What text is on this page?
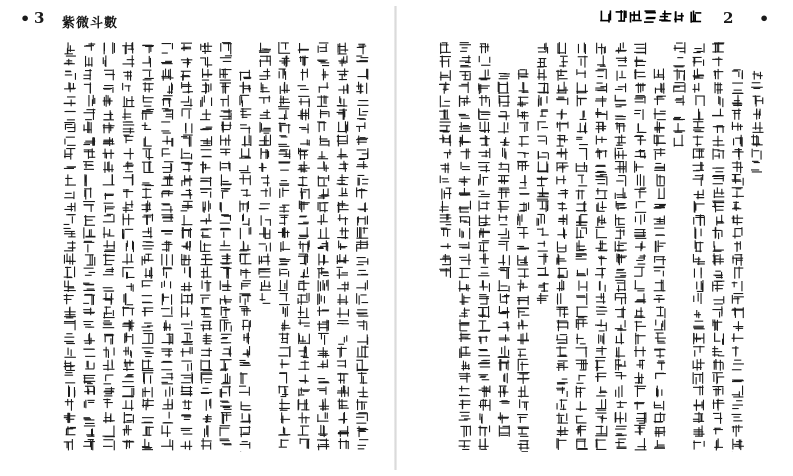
• 3 紫微斗數	2 •
